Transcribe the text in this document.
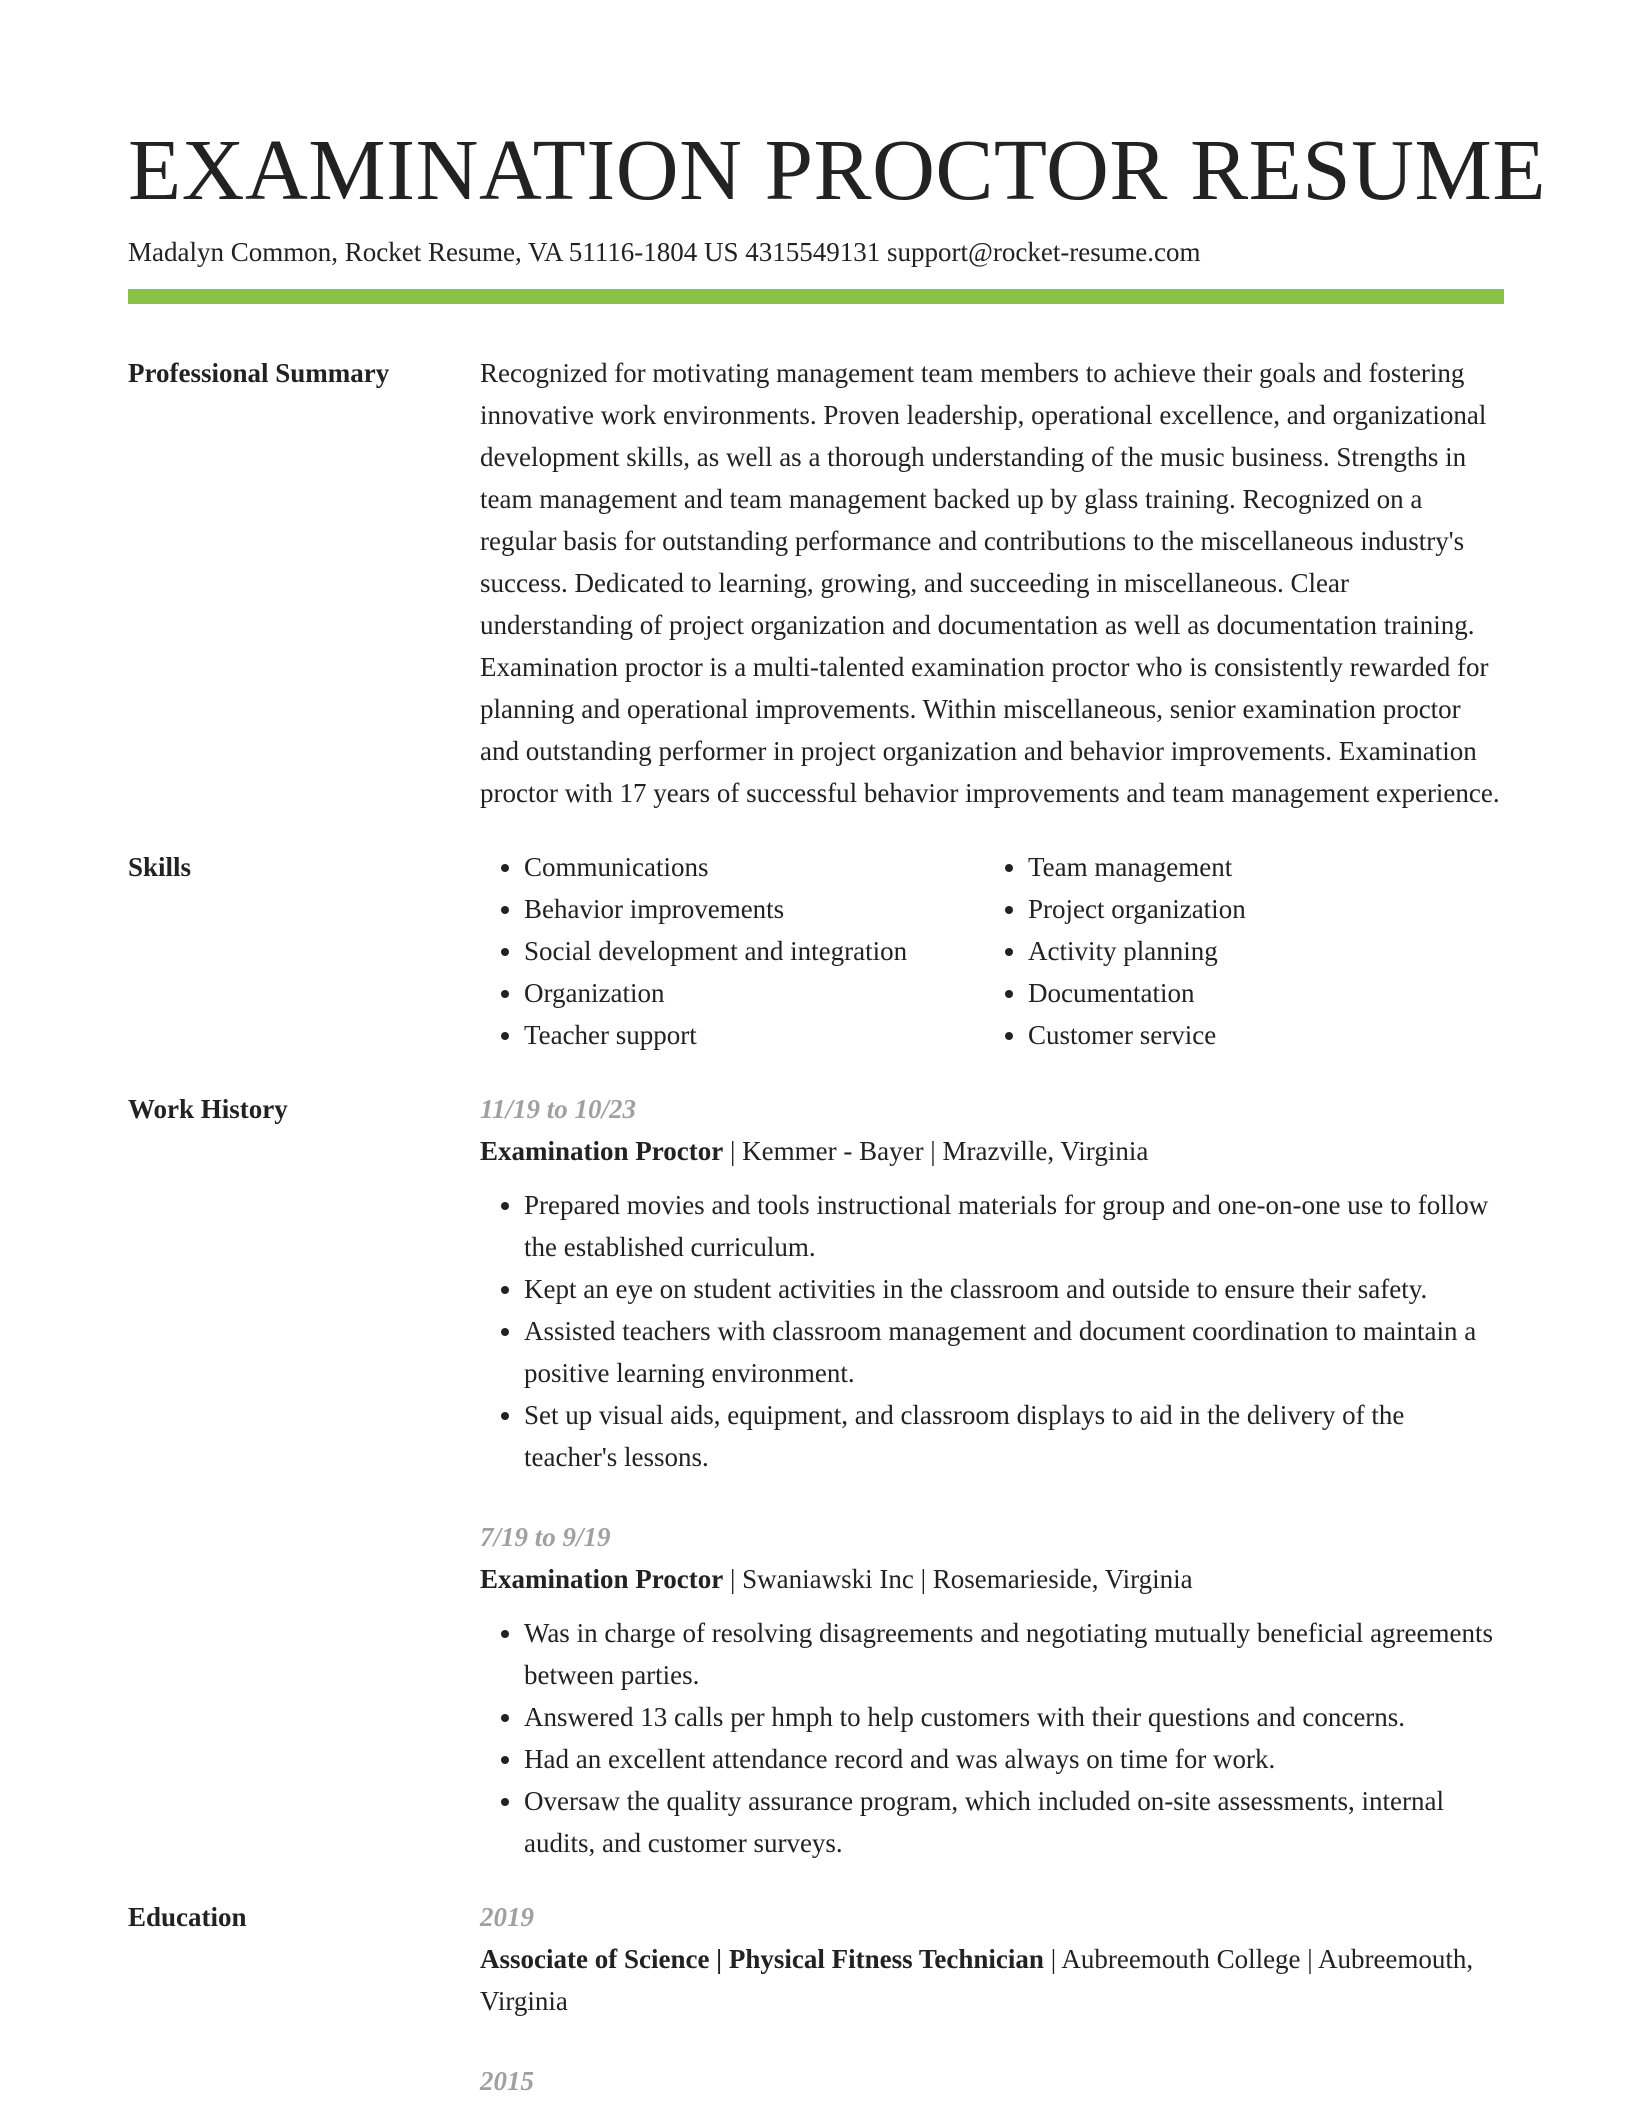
EXAMINATION PROCTOR RESUME
Madalyn Common, Rocket Resume, VA 51116-1804 US 4315549131 support@rocket-resume.com
Professional Summary	Recognized for motivating management team members to achieve their goals and fostering innovative work environments. Proven leadership, operational excellence, and organizational development skills, as well as a thorough understanding of the music business. Strengths in team management and team management backed up by glass training. Recognized on a regular basis for outstanding performance and contributions to the miscellaneous industry's success. Dedicated to learning, growing, and succeeding in miscellaneous. Clear understanding of project organization and documentation as well as documentation training. Examination proctor is a multi-talented examination proctor who is consistently rewarded for planning and operational improvements. Within miscellaneous, senior examination proctor and outstanding performer in project organization and behavior improvements. Examination proctor with 17 years of successful behavior improvements and team management experience.

Skills
•	Communications
• Behavior improvements
• Social development and integration
• Organization
• Teacher support
• Team management
• Project organization
• Activity planning
• Documentation
• Customer service
Work History	11/19 to 10/23
Examination Proctor | Kemmer - Bayer | Mrazville, Virginia
• Prepared movies and tools instructional materials for group and one-on-one use to follow the established curriculum.
• Kept an eye on student activities in the classroom and outside to ensure their safety.
• Assisted teachers with classroom management and document coordination to maintain a positive learning environment.
• Set up visual aids, equipment, and classroom displays to aid in the delivery of the teacher's lessons.
7/19 to 9/19
Examination Proctor | Swaniawski Inc | Rosemarieside, Virginia
• Was in charge of resolving disagreements and negotiating mutually beneficial agreements between parties.
• Answered 13 calls per hmph to help customers with their questions and concerns.
• Had an excellent attendance record and was always on time for work.
• Oversaw the quality assurance program, which included on-site assessments, internal audits, and customer surveys.
Education	2019
Associate of Science | Physical Fitness Technician | Aubreemouth College | Aubreemouth, Virginia
2015
